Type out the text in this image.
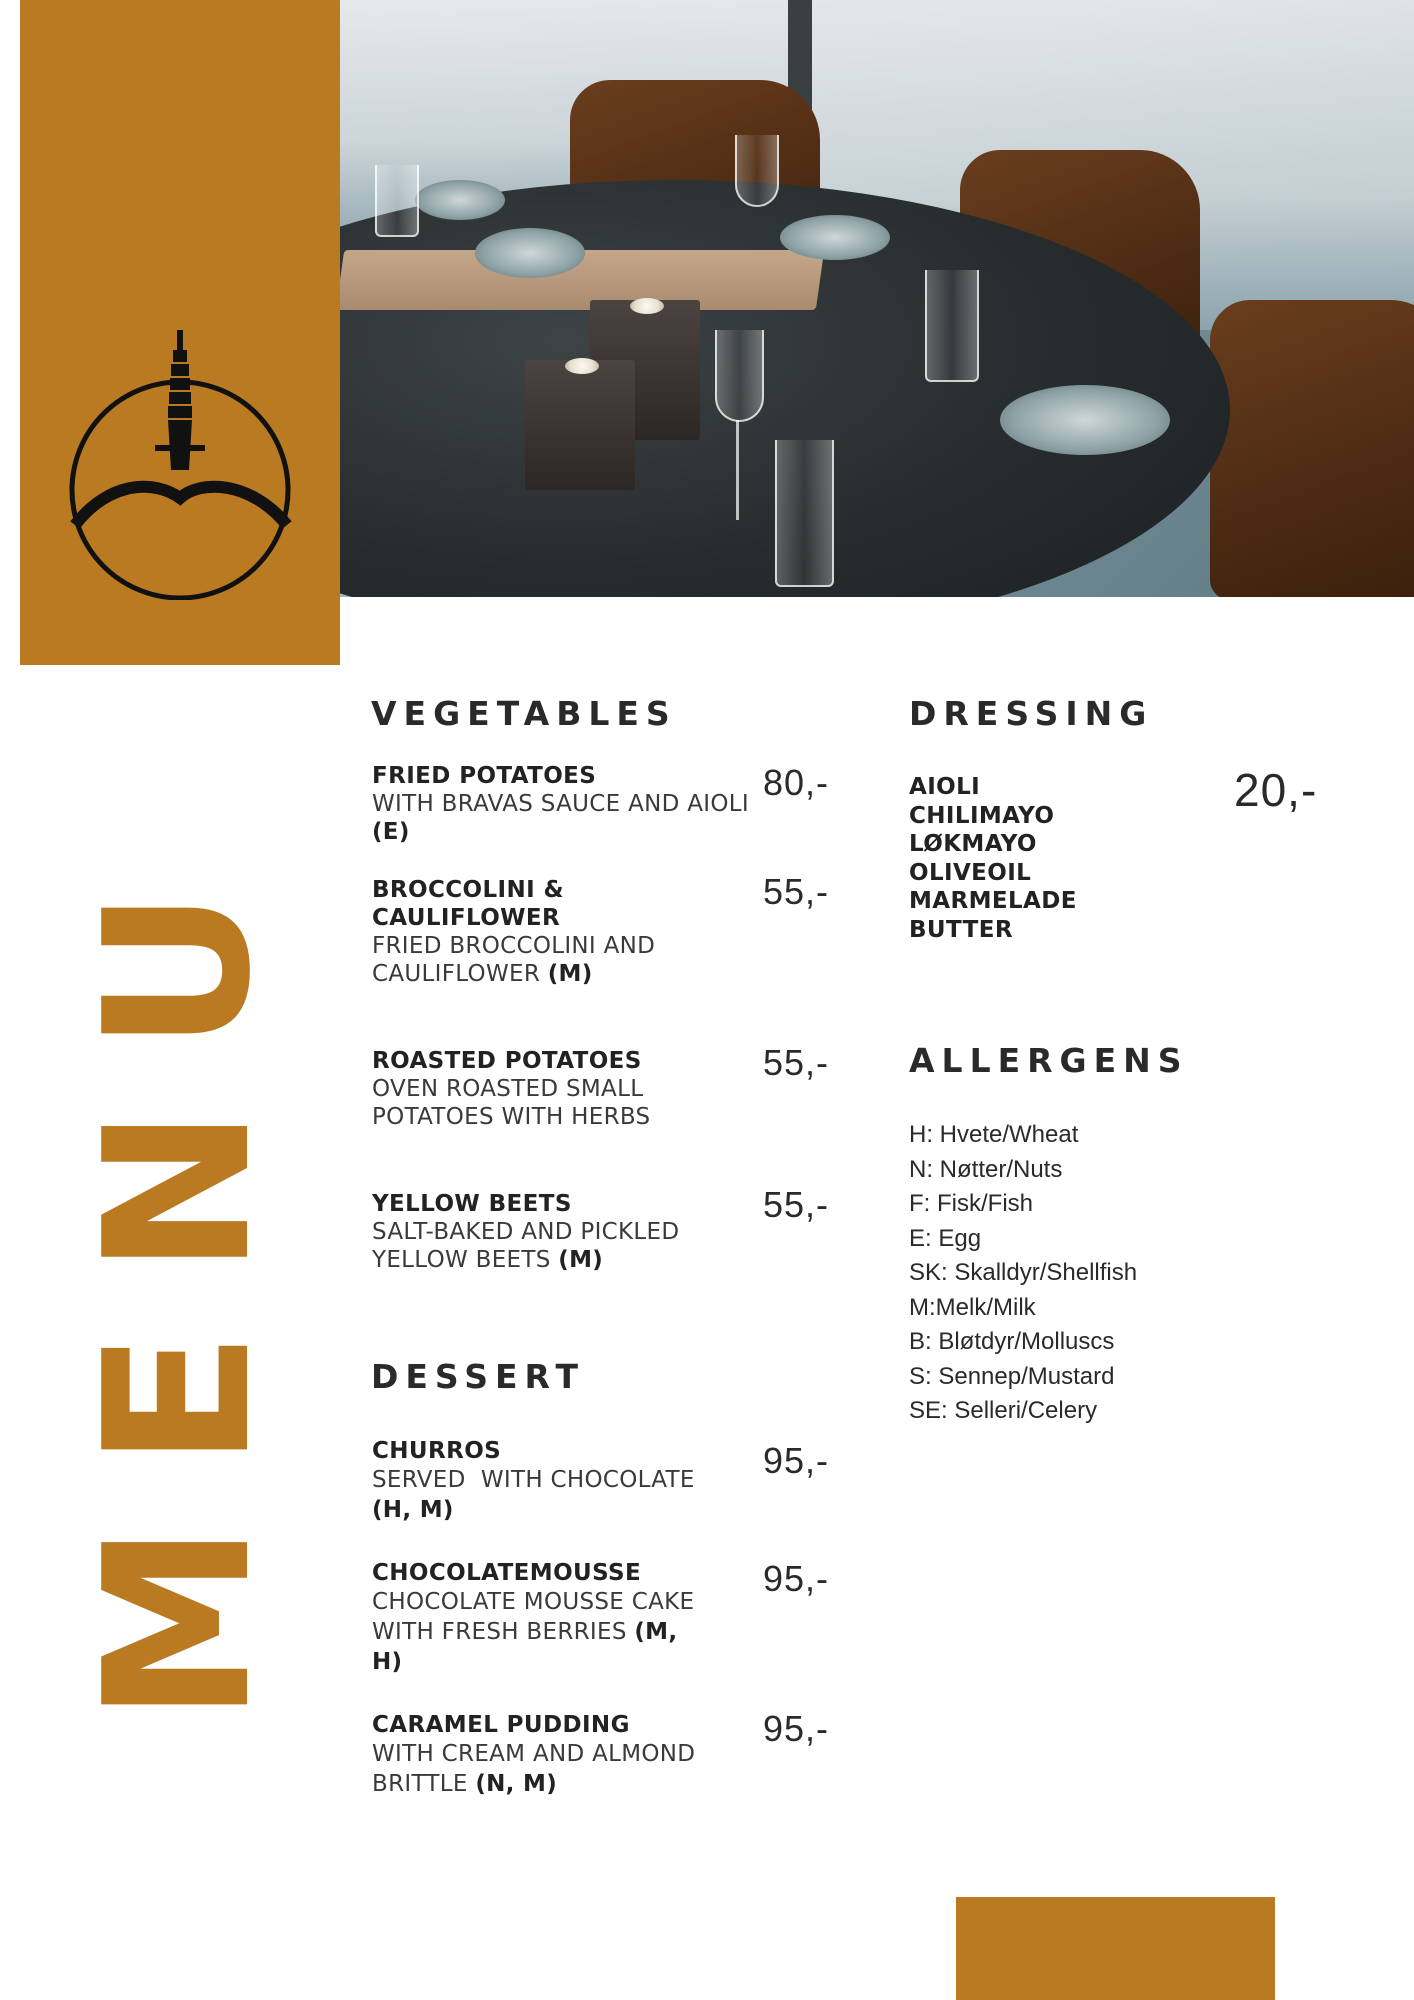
MENU
VEGETABLES
FRIED POTATOES
WITH BRAVAS SAUCE AND AIOLI (E)
80,-
BROCCOLINI &
CAULIFLOWER
FRIED BROCCOLINI AND CAULIFLOWER (M)
55,-
ROASTED POTATOES
OVEN ROASTED SMALL POTATOES WITH HERBS
55,-
YELLOW BEETS
SALT-BAKED AND PICKLED YELLOW BEETS (M)
55,-
DESSERT
CHURROS
SERVED  WITH CHOCOLATE (H, M)
95,-
CHOCOLATEMOUSSE
CHOCOLATE MOUSSE CAKE WITH FRESH BERRIES (M, H)
95,-
CARAMEL PUDDING
WITH CREAM AND ALMOND BRITTLE (N, M)
95,-
DRESSING
AIOLI
CHILIMAYO
LØKMAYO
OLIVEOIL
MARMELADE
BUTTER
20,-
ALLERGENS
H: Hvete/Wheat
N: Nøtter/Nuts
F: Fisk/Fish
E: Egg
SK: Skalldyr/Shellfish
M:Melk/Milk
B: Bløtdyr/Molluscs
S: Sennep/Mustard
SE: Selleri/Celery
